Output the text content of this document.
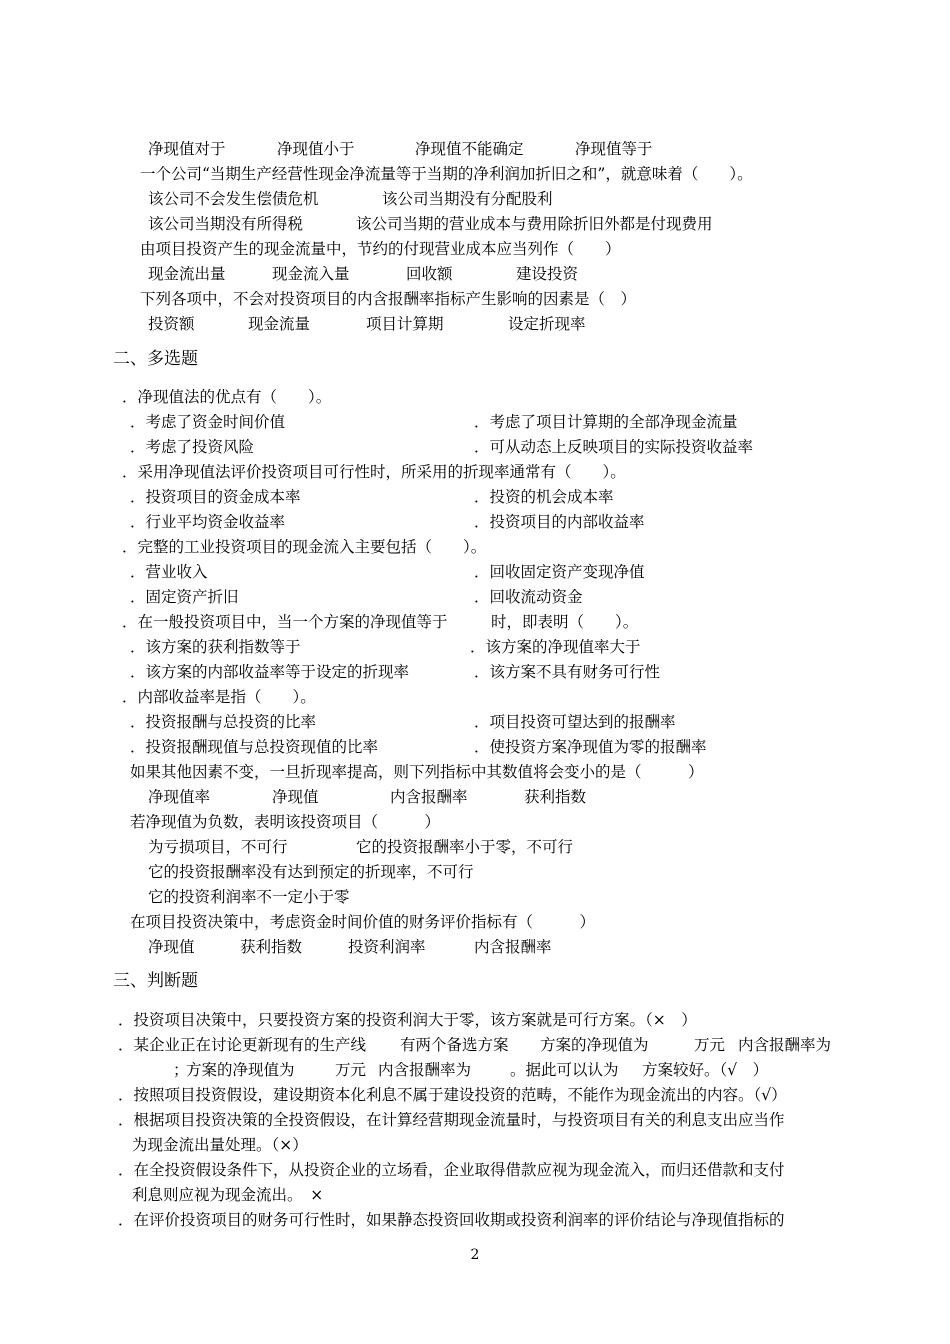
净现值对于	净现值小于	净现值不能确定	净现值等于
一个公司“当期生产经营性现金净流量等于当期的净利润加折旧之和”，就意味着（　　）。
该公司不会发生偿债危机	该公司当期没有分配股利
该公司当期没有所得税	该公司当期的营业成本与费用除折旧外都是付现费用
由项目投资产生的现金流量中，节约的付现营业成本应当列作（　　）
现金流出量	现金流入量	回收额	建设投资
下列各项中，不会对投资项目的内含报酬率指标产生影响的因素是（　）
投资额	现金流量	项目计算期	设定折现率
二、多选题
．净现值法的优点有（　　）。
．考虑了资金时间价值	．考虑了项目计算期的全部净现金流量
．考虑了投资风险	．可从动态上反映项目的实际投资收益率
．采用净现值法评价投资项目可行性时，所采用的折现率通常有（　　）。
．投资项目的资金成本率	．投资的机会成本率
．行业平均资金收益率	．投资项目的内部收益率
．完整的工业投资项目的现金流入主要包括（　　）。
．营业收入	．回收固定资产变现净值
．固定资产折旧	．回收流动资金
．在一般投资项目中，当一个方案的净现值等于	时，即表明（　　）。
．该方案的获利指数等于	．该方案的净现值率大于
．该方案的内部收益率等于设定的折现率	．该方案不具有财务可行性
．内部收益率是指（　　）。
．投资报酬与总投资的比率	．项目投资可望达到的报酬率
．投资报酬现值与总投资现值的比率	．使投资方案净现值为零的报酬率
如果其他因素不变，一旦折现率提高，则下列指标中其数值将会变小的是（　　　）
净现值率	净现值	内含报酬率	获利指数
若净现值为负数，表明该投资项目（　　　）
为亏损项目，不可行	它的投资报酬率小于零，不可行
它的投资报酬率没有达到预定的折现率，不可行
它的投资利润率不一定小于零
在项目投资决策中，考虑资金时间价值的财务评价指标有（　　　）
净现值	获利指数	投资利润率	内含报酬率
三、判断题
．投资项目决策中，只要投资方案的投资利润大于零，该方案就是可行方案。（×　）
．某企业正在讨论更新现有的生产线 有两个备选方案 方案的净现值为	万元 内含报酬率为
；
方案的净现值为	万元 内含报酬率为	。据此可以认为 方案较好。（√　）
．按照项目投资假设，建设期资本化利息不属于建设投资的范畴，不能作为现金流出的内容。（√）
．根据项目投资决策的全投资假设，在计算经营期现金流量时，与投资项目有关的利息支出应当作
为现金流出量处理。（×）
．在全投资假设条件下，从投资企业的立场看，企业取得借款应视为现金流入，而归还借款和支付
利息则应视为现金流出。　×
．在评价投资项目的财务可行性时，如果静态投资回收期或投资利润率的评价结论与净现值指标的
2
